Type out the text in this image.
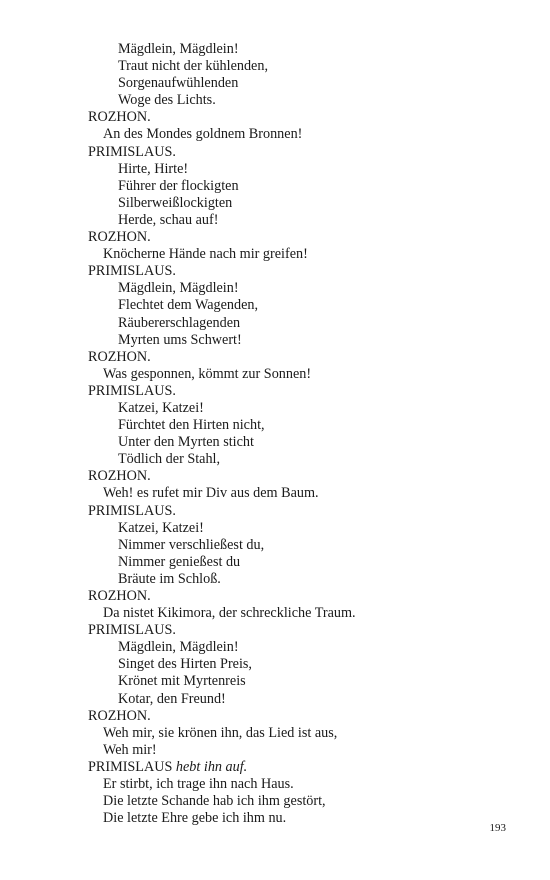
Mägdlein, Mägdlein!
Traut nicht der kühlenden,
Sorgenaufwühlenden
Woge des Lichts.
ROZHON.
An des Mondes goldnem Bronnen!
PRIMISLAUS.
Hirte, Hirte!
Führer der flockigten
Silberweißlockigten
Herde, schau auf!
ROZHON.
Knöcherne Hände nach mir greifen!
PRIMISLAUS.
Mägdlein, Mägdlein!
Flechtet dem Wagenden,
Räubererschlagenden
Myrten ums Schwert!
ROZHON.
Was gesponnen, kömmt zur Sonnen!
PRIMISLAUS.
Katzei, Katzei!
Fürchtet den Hirten nicht,
Unter den Myrten sticht
Tödlich der Stahl,
ROZHON.
Weh! es rufet mir Div aus dem Baum.
PRIMISLAUS.
Katzei, Katzei!
Nimmer verschließest du,
Nimmer genießest du
Bräute im Schloß.
ROZHON.
Da nistet Kikimora, der schreckliche Traum.
PRIMISLAUS.
Mägdlein, Mägdlein!
Singet des Hirten Preis,
Krönet mit Myrtenreis
Kotar, den Freund!
ROZHON.
Weh mir, sie krönen ihn, das Lied ist aus,
Weh mir!
PRIMISLAUS hebt ihn auf.
Er stirbt, ich trage ihn nach Haus.
Die letzte Schande hab ich ihm gestört,
Die letzte Ehre gebe ich ihm nu.
193
